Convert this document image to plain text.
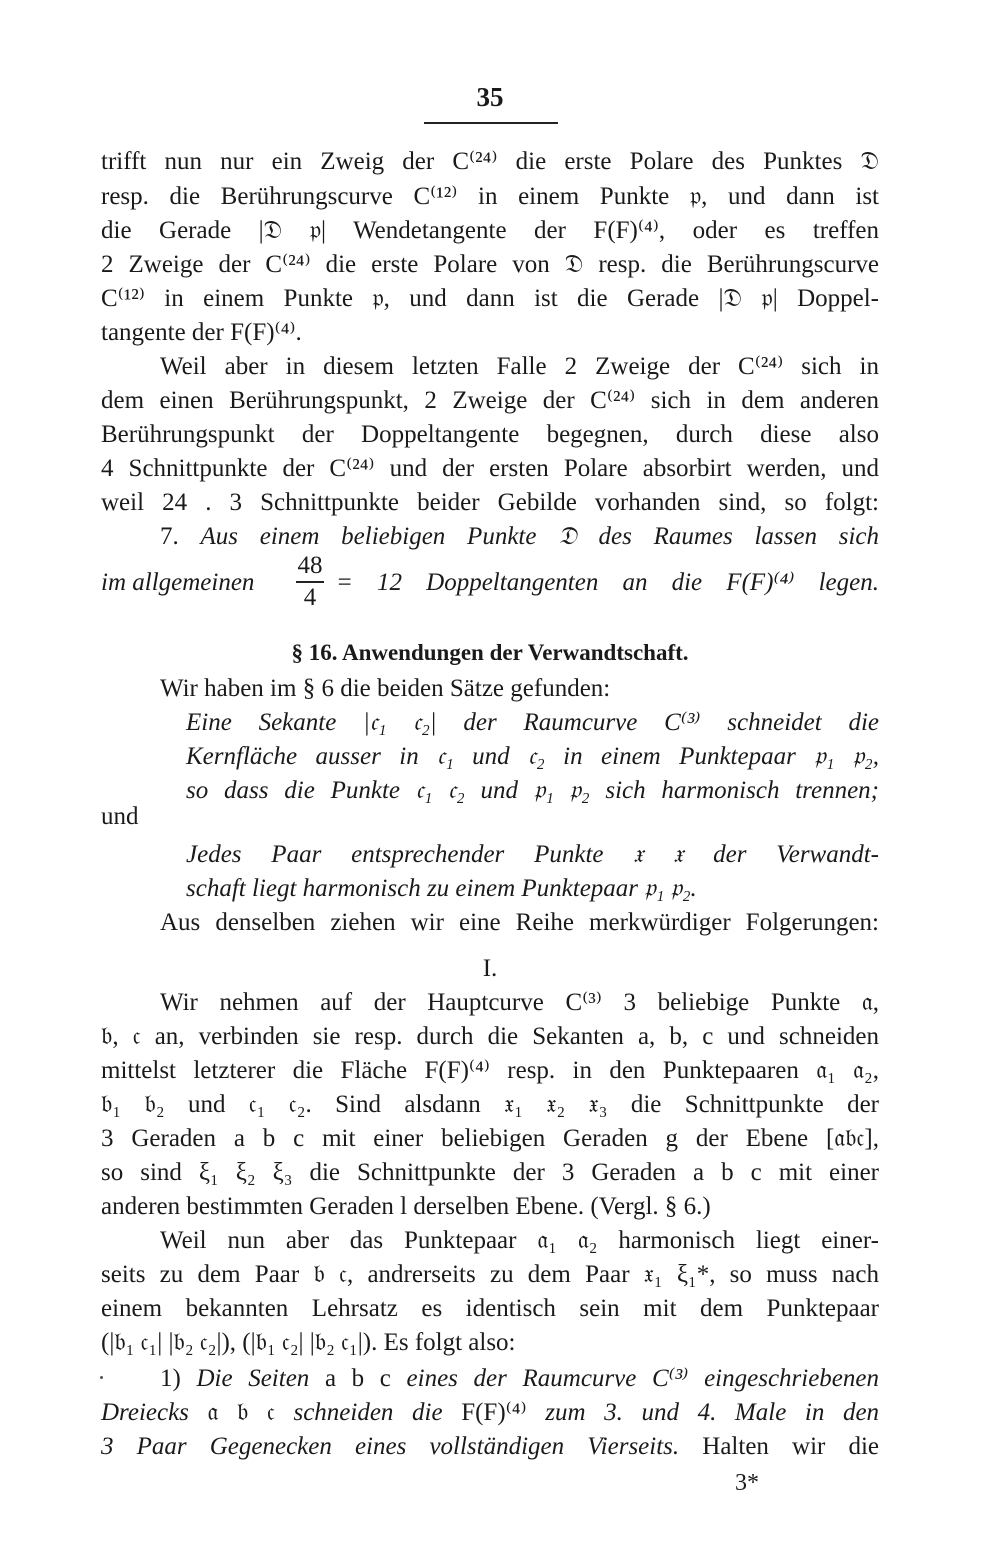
35
trifft nun nur ein Zweig der C⁽²⁴⁾ die erste Polare des Punktes 𝔇
resp. die Berührungscurve C⁽¹²⁾ in einem Punkte 𝔭, und dann ist
die Gerade |𝔇 𝔭| Wendetangente der F(F)⁽⁴⁾, oder es treffen
2 Zweige der C⁽²⁴⁾ die erste Polare von 𝔇 resp. die Berührungscurve
C⁽¹²⁾ in einem Punkte 𝔭, und dann ist die Gerade |𝔇 𝔭| Doppel-
tangente der F(F)⁽⁴⁾.
Weil aber in diesem letzten Falle 2 Zweige der C⁽²⁴⁾ sich in
dem einen Berührungspunkt, 2 Zweige der C⁽²⁴⁾ sich in dem anderen
Berührungspunkt der Doppeltangente begegnen, durch diese also
4 Schnittpunkte der C⁽²⁴⁾ und der ersten Polare absorbirt werden, und
weil 24 . 3 Schnittpunkte beider Gebilde vorhanden sind, so folgt:
7. Aus einem beliebigen Punkte 𝔇 des Raumes lassen sich
im allgemeinen
48
4
= 12 Doppeltangenten an die F(F)⁽⁴⁾ legen.
§ 16. Anwendungen der Verwandtschaft.
Wir haben im § 6 die beiden Sätze gefunden:
Eine Sekante |𝔠₁ 𝔠₂| der Raumcurve C⁽³⁾ schneidet die
Kernfläche ausser in 𝔠₁ und 𝔠₂ in einem Punktepaar 𝔭₁ 𝔭₂,
so dass die Punkte 𝔠₁ 𝔠₂ und 𝔭₁ 𝔭₂ sich harmonisch trennen;
und
Jedes Paar entsprechender Punkte 𝔵 𝔵 der Verwandt-
schaft liegt harmonisch zu einem Punktepaar 𝔭₁ 𝔭₂.
Aus denselben ziehen wir eine Reihe merkwürdiger Folgerungen:
I.
Wir nehmen auf der Hauptcurve C⁽³⁾ 3 beliebige Punkte 𝔞,
𝔟, 𝔠 an, verbinden sie resp. durch die Sekanten a, b, c und schneiden
mittelst letzterer die Fläche F(F)⁽⁴⁾ resp. in den Punktepaaren 𝔞₁ 𝔞₂,
𝔟₁ 𝔟₂ und 𝔠₁ 𝔠₂. Sind alsdann 𝔵₁ 𝔵₂ 𝔵₃ die Schnittpunkte der
3 Geraden a b c mit einer beliebigen Geraden g der Ebene [𝔞𝔟𝔠],
so sind ξ₁ ξ₂ ξ₃ die Schnittpunkte der 3 Geraden a b c mit einer
anderen bestimmten Geraden l derselben Ebene. (Vergl. § 6.)
Weil nun aber das Punktepaar 𝔞₁ 𝔞₂ harmonisch liegt einer-
seits zu dem Paar 𝔟 𝔠, andrerseits zu dem Paar 𝔵₁ ξ₁*, so muss nach
einem bekannten Lehrsatz es identisch sein mit dem Punktepaar
(|𝔟₁ 𝔠₁| |𝔟₂ 𝔠₂|), (|𝔟₁ 𝔠₂| |𝔟₂ 𝔠₁|). Es folgt also:
1) Die Seiten a b c eines der Raumcurve C⁽³⁾ eingeschriebenen
Dreiecks 𝔞 𝔟 𝔠 schneiden die F(F)⁽⁴⁾ zum 3. und 4. Male in den
3 Paar Gegenecken eines vollständigen Vierseits. Halten wir die
3*
